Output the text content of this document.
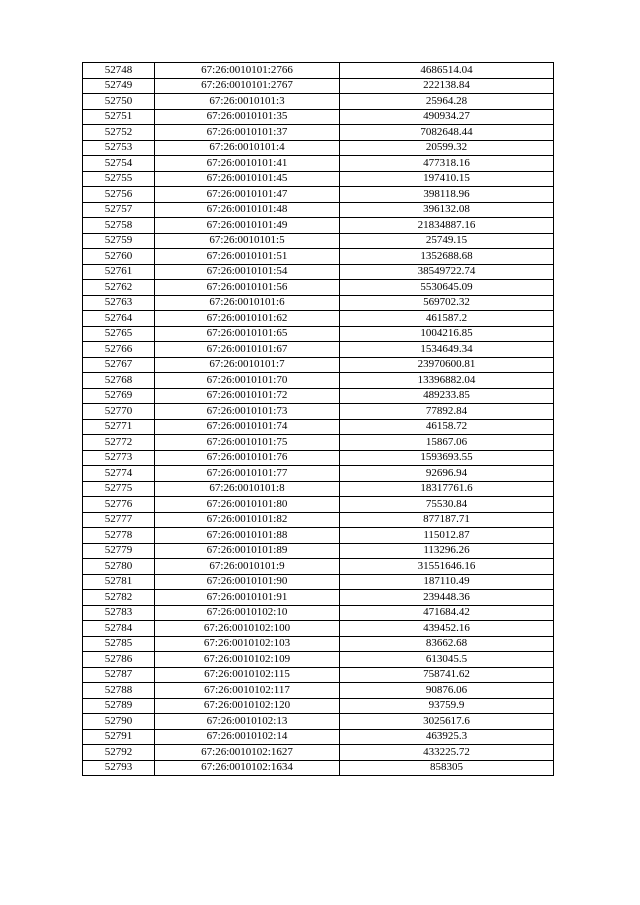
52748	67:26:0010101:2766	4686514.04
52749	67:26:0010101:2767	222138.84
52750	67:26:0010101:3	25964.28
52751	67:26:0010101:35	490934.27
52752	67:26:0010101:37	7082648.44
52753	67:26:0010101:4	20599.32
52754	67:26:0010101:41	477318.16
52755	67:26:0010101:45	197410.15
52756	67:26:0010101:47	398118.96
52757	67:26:0010101:48	396132.08
52758	67:26:0010101:49	21834887.16
52759	67:26:0010101:5	25749.15
52760	67:26:0010101:51	1352688.68
52761	67:26:0010101:54	38549722.74
52762	67:26:0010101:56	5530645.09
52763	67:26:0010101:6	569702.32
52764	67:26:0010101:62	461587.2
52765	67:26:0010101:65	1004216.85
52766	67:26:0010101:67	1534649.34
52767	67:26:0010101:7	23970600.81
52768	67:26:0010101:70	13396882.04
52769	67:26:0010101:72	489233.85
52770	67:26:0010101:73	77892.84
52771	67:26:0010101:74	46158.72
52772	67:26:0010101:75	15867.06
52773	67:26:0010101:76	1593693.55
52774	67:26:0010101:77	92696.94
52775	67:26:0010101:8	18317761.6
52776	67:26:0010101:80	75530.84
52777	67:26:0010101:82	877187.71
52778	67:26:0010101:88	115012.87
52779	67:26:0010101:89	113296.26
52780	67:26:0010101:9	31551646.16
52781	67:26:0010101:90	187110.49
52782	67:26:0010101:91	239448.36
52783	67:26:0010102:10	471684.42
52784	67:26:0010102:100	439452.16
52785	67:26:0010102:103	83662.68
52786	67:26:0010102:109	613045.5
52787	67:26:0010102:115	758741.62
52788	67:26:0010102:117	90876.06
52789	67:26:0010102:120	93759.9
52790	67:26:0010102:13	3025617.6
52791	67:26:0010102:14	463925.3
52792	67:26:0010102:1627	433225.72
52793	67:26:0010102:1634	858305
